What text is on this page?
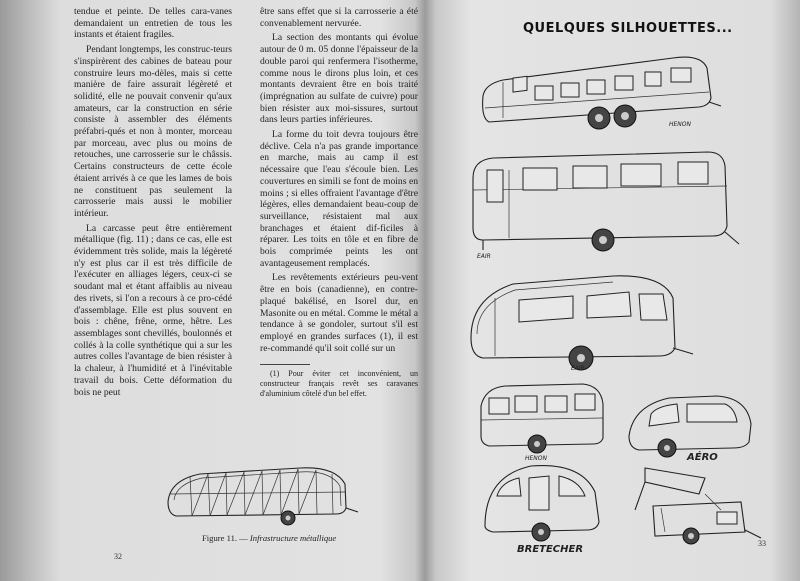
tendue et peinte. De telles cara-vanes demandaient un entretien de tous les instants et étaient fragiles.

Pendant longtemps, les construc-teurs s'inspirèrent des cabines de bateau pour construire leurs mo-dèles, mais si cette manière de faire assurait légèreté et solidité, elle ne pouvait convenir qu'aux amateurs, car la construction en série consiste à assembler des éléments préfabri-qués et non à monter, morceau par morceau, avec plus ou moins de retouches, une carrosserie sur le châssis. Certains constructeurs de cette école étaient arrivés à ce que les lames de bois ne constituent pas seulement la carrosserie mais aussi le mobilier intérieur.

La carcasse peut être entièrement métallique (fig. 11) ; dans ce cas, elle est évidemment très solide, mais la légèreté n'y est plus car il est très difficile de l'exécuter en alliages légers, ceux-ci se soudant mal et étant affaiblis au niveau des rivets, si l'on a recours à ce pro-cédé d'assemblage. Elle est plus souvent en bois : chêne, frêne, orme, hêtre. Les assemblages sont chevillés, boulonnés et collés à la colle synthétique qui a sur les autres colles l'avantage de bien résister à la chaleur, à l'humidité et à l'inévitable travail du bois. Cette déformation du bois ne peut

être sans effet que si la carrosserie a été convenablement nervurée.

La section des montants qui évolue autour de 0 m. 05 donne l'épaisseur de la double paroi qui renfermera l'isotherme, comme nous le dirons plus loin, et ces montants devraient être en bois traité (imprégnation au sulfate de cuivre) pour bien résister aux moi-sissures, surtout dans leurs parties inférieures.

La forme du toit devra toujours être déclive. Cela n'a pas grande importance en marche, mais au camp il est nécessaire que l'eau s'écoule bien. Les couvertures en simili se font de moins en moins ; si elles offraient l'avantage d'être légères, elles demandaient beau-coup de surveillance, résistaient mal aux branchages et étaient dif-ficiles à réparer. Les toits en tôle et en fibre de bois comprimée peints les ont avantageusement remplacés.

Les revêtements extérieurs peu-vent être en bois (canadienne), en contre-plaqué bakélisé, en Isorel dur, en Masonite ou en métal. Comme le métal a tendance à se gondoler, surtout s'il est employé en grandes surfaces (1), il est re-commandé qu'il soit collé sur un

(1) Pour éviter cet inconvénient, un constructeur français revêt ses caravanes d'aluminium côtelé d'un bel effet.

Figure 11. — Infrastructure métallique
32
QUELQUES SILHOUETTES...
HENON
EAIR
EAIR
HENON	AÉRO
BRETECHER
33
